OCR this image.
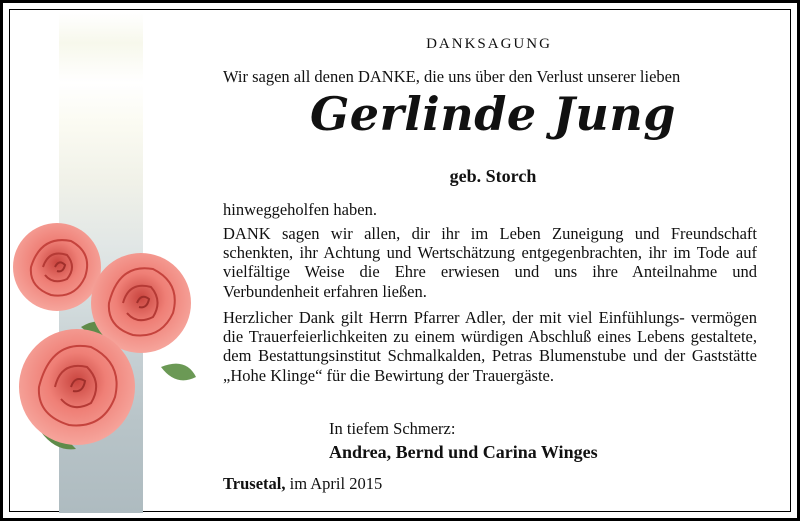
DANKSAGUNG
Wir sagen all denen DANKE, die uns über den Verlust unserer lieben
Gerlinde Jung
geb. Storch
hinweggeholfen haben.
DANK sagen wir allen, dir ihr im Leben Zuneigung und Freundschaft schenkten, ihr Achtung und Wertschätzung entgegenbrachten, ihr im Tode auf vielfältige Weise die Ehre erwiesen und uns ihre Anteilnahme und Verbundenheit erfahren ließen.
Herzlicher Dank gilt Herrn Pfarrer Adler, der mit viel Einfühlungs- vermögen die Trauerfeierlichkeiten zu einem würdigen Abschluß eines Lebens gestaltete, dem Bestattungsinstitut Schmalkalden, Petras Blumenstube und der Gaststätte „Hohe Klinge“ für die Bewirtung der Trauergäste.
In tiefem Schmerz:
Andrea, Bernd und Carina Winges
Trusetal, im April 2015
